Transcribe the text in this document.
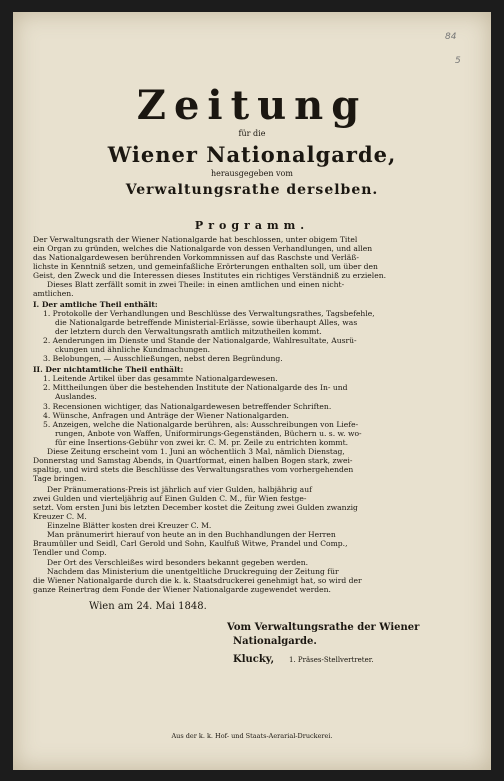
84
5
Zeitung
für die
Wiener Nationalgarde,
herausgegeben vom
Verwaltungsrathe derselben.
Programm.
Der Verwaltungsrath der Wiener Nationalgarde hat beschlossen, unter obigem Titel
ein Organ zu gründen, welches die Nationalgarde von dessen Verhandlungen, und allen
das Nationalgardewesen berührenden Vorkommnissen auf das Raschste und Verläß-
lichste in Kenntniß setzen, und gemeinfaßliche Erörterungen enthalten soll, um über den
Geist, den Zweck und die Interessen dieses Institutes ein richtiges Verständniß zu erzielen.
Dieses Blatt zerfällt somit in zwei Theile: in einen amtlichen und einen nicht-
amtlichen.
I. Der amtliche Theil enthält:
1. Protokolle der Verhandlungen und Beschlüsse des Verwaltungsrathes, Tagsbefehle,
die Nationalgarde betreffende Ministerial-Erlässe, sowie überhaupt Alles, was
der letztern durch den Verwaltungsrath amtlich mitzutheilen kommt.
2. Aenderungen im Dienste und Stande der Nationalgarde, Wahlresultate, Ausrü-
ckungen und ähnliche Kundmachungen.
3. Belobungen, — Ausschließungen, nebst deren Begründung.
II. Der nichtamtliche Theil enthält:
1. Leitende Artikel über das gesammte Nationalgardewesen.
2. Mittheilungen über die bestehenden Institute der Nationalgarde des In- und
Auslandes.
3. Recensionen wichtiger, das Nationalgardewesen betreffender Schriften.
4. Wünsche, Anfragen und Anträge der Wiener Nationalgarden.
5. Anzeigen, welche die Nationalgarde berühren, als: Ausschreibungen von Liefe-
rungen, Anbote von Waffen, Uniformirungs-Gegenständen, Büchern u. s. w. wo-
für eine Insertions-Gebühr von zwei kr. C. M. pr. Zeile zu entrichten kommt.
Diese Zeitung erscheint vom 1. Juni an wöchentlich 3 Mal, nämlich Dienstag,
Donnerstag und Samstag Abends, in Quartformat, einen halben Bogen stark, zwei-
spaltig, und wird stets die Beschlüsse des Verwaltungsrathes vom vorhergehenden
Tage bringen.
Der Pränumerations-Preis ist jährlich auf vier Gulden, halbjährig auf
zwei Gulden und vierteljährig auf Einen Gulden C. M., für Wien festge-
setzt. Vom ersten Juni bis letzten December kostet die Zeitung zwei Gulden zwanzig
Kreuzer C. M.
Einzelne Blätter kosten drei Kreuzer C. M.
Man pränumerirt hierauf von heute an in den Buchhandlungen der Herren
Braumüller und Seidl, Carl Gerold und Sohn, Kaulfuß Witwe, Prandel und Comp.,
Tendler und Comp.
Der Ort des Verschleißes wird besonders bekannt gegeben werden.
Nachdem das Ministerium die unentgeltliche Druckreguing der Zeitung für
die Wiener Nationalgarde durch die k. k. Staatsdruckerei genehmigt hat, so wird der
ganze Reinertrag dem Fonde der Wiener Nationalgarde zugewendet werden.
Wien am 24. Mai 1848.
Vom Verwaltungsrathe der Wiener
Nationalgarde.
Klucky, 1. Präses-Stellvertreter.
Aus der k. k. Hof- und Staats-Aerarial-Druckerei.
